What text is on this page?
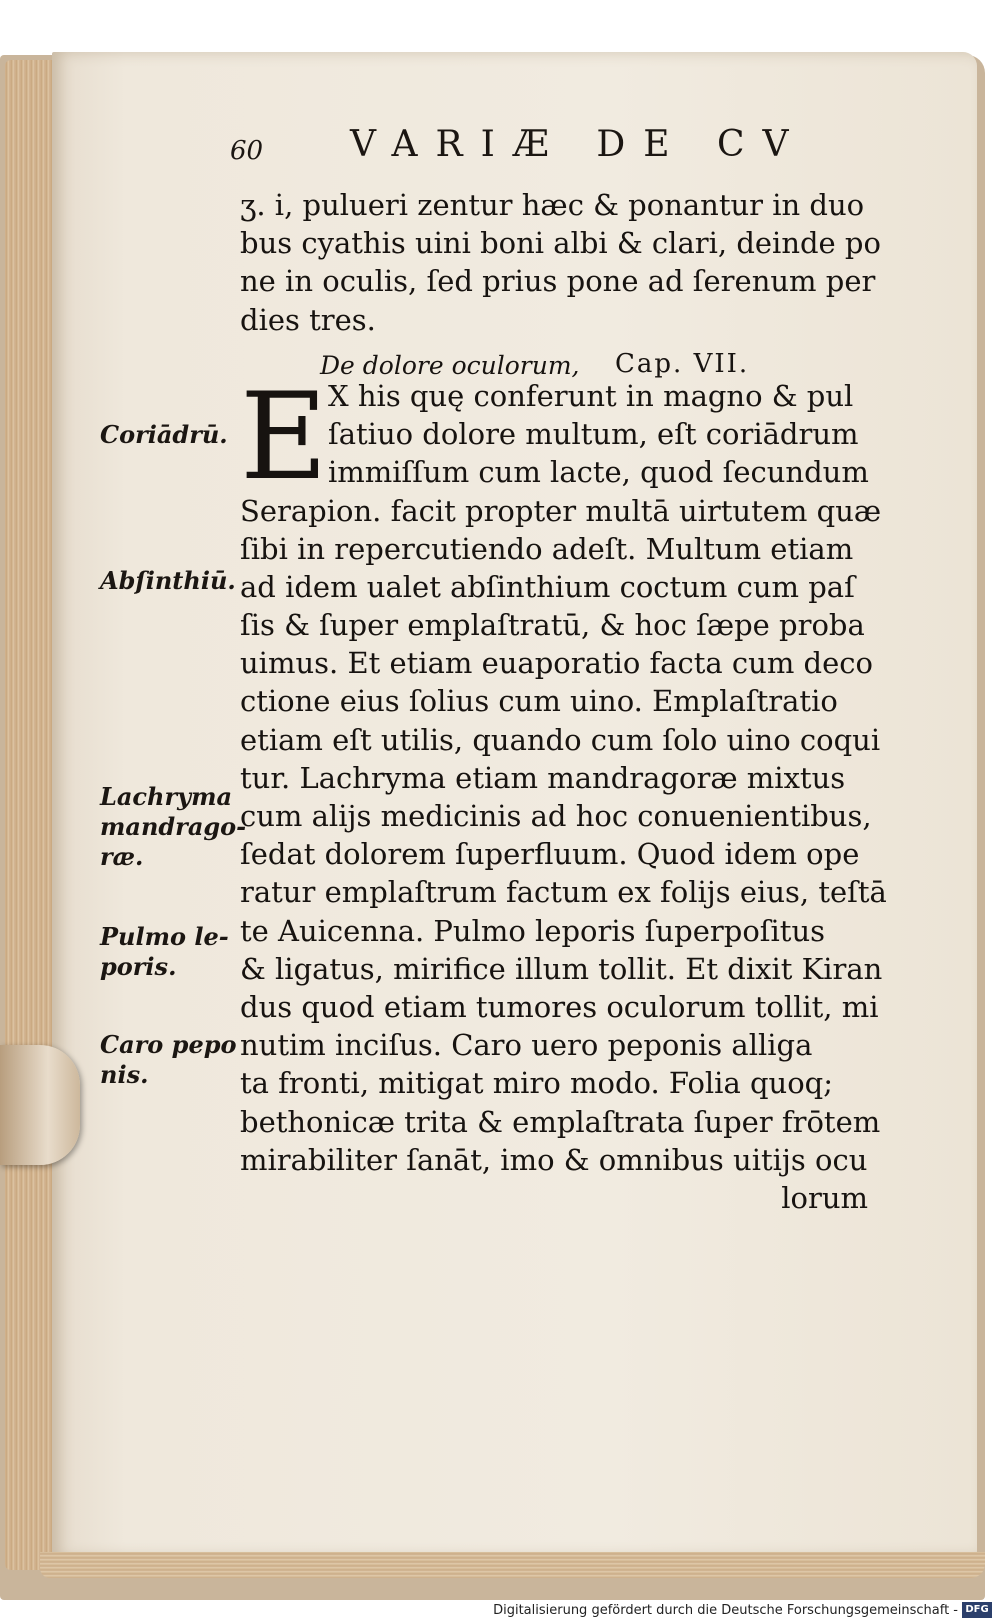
60 VARIÆ DE CV
ʒ. i, pulueri zentur hæc & ponantur in duo
bus cyathis uini boni albi & clari, deinde po
ne in oculis, ſed prius pone ad ſerenum per
dies tres.
De dolore oculorum, Cap. VII.
X his quę conferunt in magno & pul
ſatiuo dolore multum, eſt coriādrum
immiſſum cum lacte, quod ſecundum
Serapion. facit propter multā uirtutem quæ
ſibi in repercutiendo adeſt. Multum etiam
ad idem ualet abſinthium coctum cum paſ
ſis & ſuper emplaſtratū, & hoc ſæpe proba
uimus. Et etiam euaporatio facta cum deco
ctione eius ſolius cum uino. Emplaſtratio
etiam eſt utilis, quando cum ſolo uino coqui
tur. Lachryma etiam mandragoræ mixtus
cum alijs medicinis ad hoc conuenientibus,
ſedat dolorem ſuperfluum. Quod idem ope
ratur emplaſtrum factum ex folijs eius, teſtā
te Auicenna. Pulmo leporis ſuperpoſitus
& ligatus, mirifice illum tollit. Et dixit Kiran
dus quod etiam tumores oculorum tollit, mi
nutim inciſus. Caro uero peponis alliga
ta fronti, mitigat miro modo. Folia quoq;
bethonicæ trita & emplaſtrata ſuper frōtem
mirabiliter ſanāt, imo & omnibus uitijs ocu
lorum
E
Coriādrū.
Abſinthiū.
Lachryma
mandrago-
ræ.
Pulmo le-
poris.
Caro pepo
nis.
Digitalisierung gefördert durch die Deutsche Forschungsgemeinschaft - DFG
